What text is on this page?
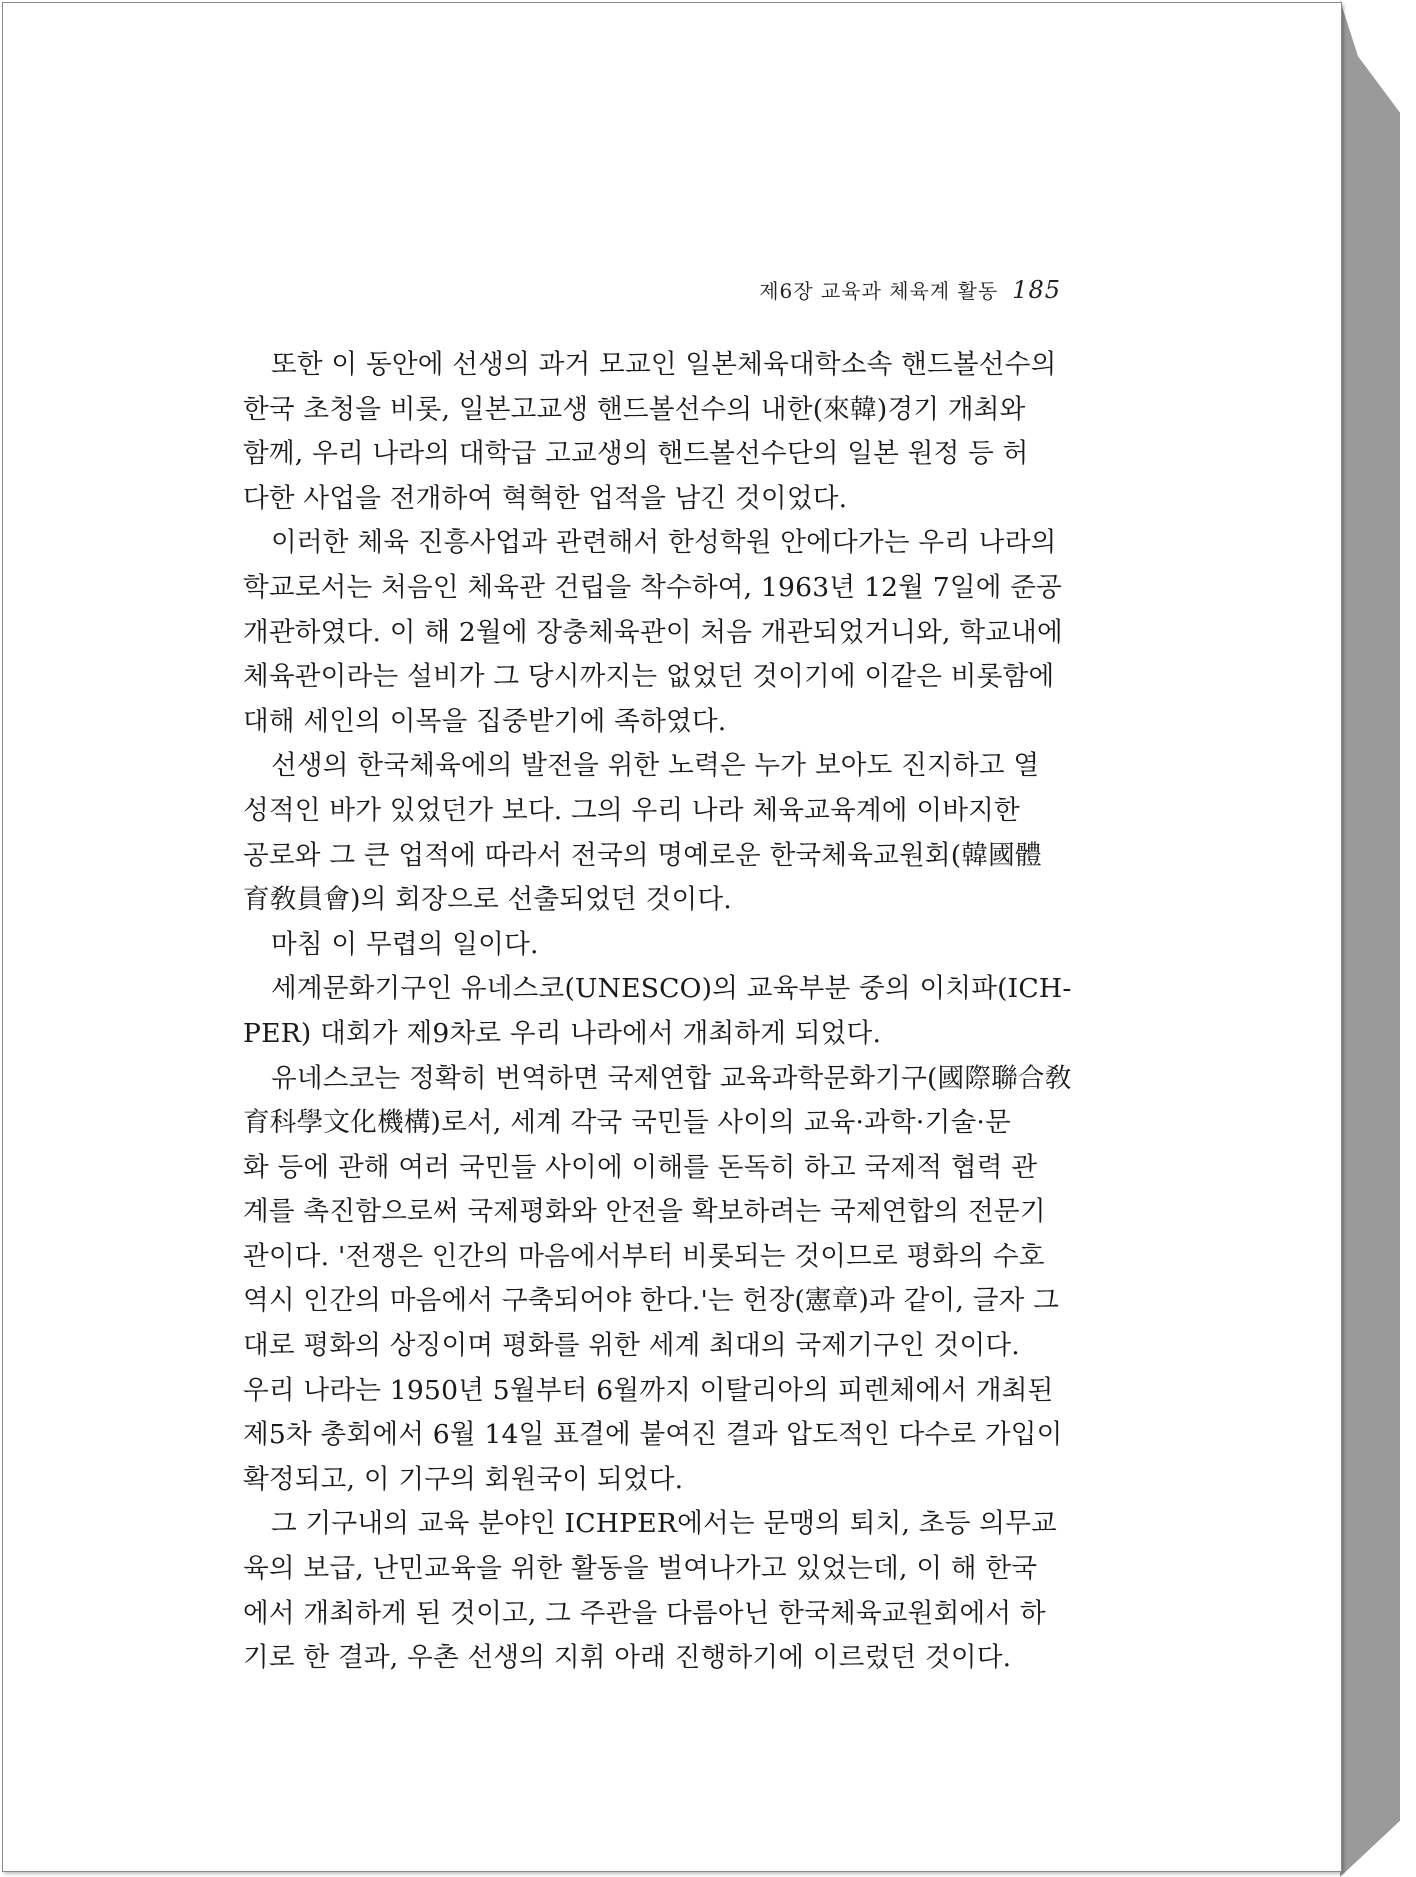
제6장 교육과 체육계 활동 185

또한 이 동안에 선생의 과거 모교인 일본체육대학소속 핸드볼선수의
한국 초청을 비롯, 일본고교생 핸드볼선수의 내한(來韓)경기 개최와
함께, 우리 나라의 대학급 고교생의 핸드볼선수단의 일본 원정 등 허
다한 사업을 전개하여 혁혁한 업적을 남긴 것이었다.

이러한 체육 진흥사업과 관련해서 한성학원 안에다가는 우리 나라의
학교로서는 처음인 체육관 건립을 착수하여, 1963년 12월 7일에 준공
개관하였다. 이 해 2월에 장충체육관이 처음 개관되었거니와, 학교내에
체육관이라는 설비가 그 당시까지는 없었던 것이기에 이같은 비롯함에
대해 세인의 이목을 집중받기에 족하였다.

선생의 한국체육에의 발전을 위한 노력은 누가 보아도 진지하고 열
성적인 바가 있었던가 보다. 그의 우리 나라 체육교육계에 이바지한
공로와 그 큰 업적에 따라서 전국의 명예로운 한국체육교원회(韓國體
育敎員會)의 회장으로 선출되었던 것이다.

마침 이 무렵의 일이다.

세계문화기구인 유네스코(UNESCO)의 교육부분 중의 이치파(ICH-
PER) 대회가 제9차로 우리 나라에서 개최하게 되었다.

유네스코는 정확히 번역하면 국제연합 교육과학문화기구(國際聯合敎
育科學文化機構)로서, 세계 각국 국민들 사이의 교육·과학·기술·문
화 등에 관해 여러 국민들 사이에 이해를 돈독히 하고 국제적 협력 관
계를 촉진함으로써 국제평화와 안전을 확보하려는 국제연합의 전문기
관이다. '전쟁은 인간의 마음에서부터 비롯되는 것이므로 평화의 수호
역시 인간의 마음에서 구축되어야 한다.'는 헌장(憲章)과 같이, 글자 그
대로 평화의 상징이며 평화를 위한 세계 최대의 국제기구인 것이다.
우리 나라는 1950년 5월부터 6월까지 이탈리아의 피렌체에서 개최된
제5차 총회에서 6월 14일 표결에 붙여진 결과 압도적인 다수로 가입이
확정되고, 이 기구의 회원국이 되었다.

그 기구내의 교육 분야인 ICHPER에서는 문맹의 퇴치, 초등 의무교
육의 보급, 난민교육을 위한 활동을 벌여나가고 있었는데, 이 해 한국
에서 개최하게 된 것이고, 그 주관을 다름아닌 한국체육교원회에서 하
기로 한 결과, 우촌 선생의 지휘 아래 진행하기에 이르렀던 것이다.
